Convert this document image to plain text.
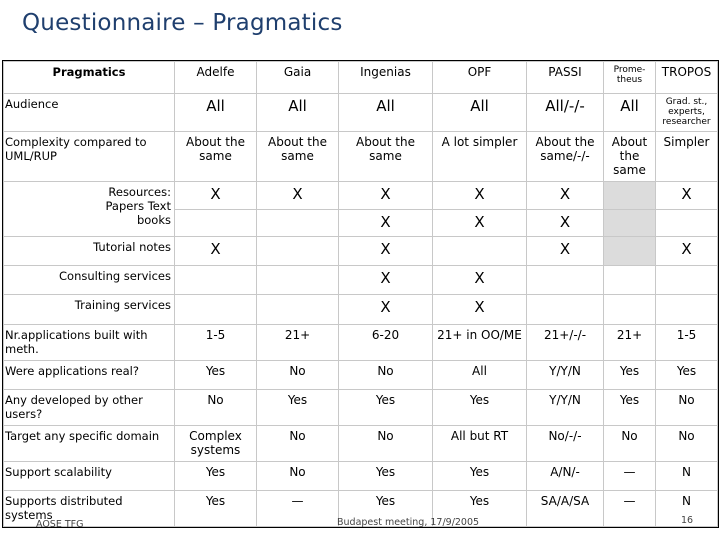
Questionnaire – Pragmatics
Pragmatics	Adelfe	Gaia	Ingenias	OPF	PASSI	Prome-theus	TROPOS
Audience	All	All	All	All	All/-/-	All	Grad. st., experts, researcher
Complexity compared to UML/RUP	About the same	About the same	About the same	A lot simpler	About the same/-/-	About the same	Simpler
Resources: Papers Text books	X	X	X	X	X		X
			X	X	X		
Tutorial notes	X		X		X		X
Consulting services			X	X			
Training services			X	X			
Nr.applications built with meth.	1-5	21+	6-20	21+ in OO/ME	21+/-/-	21+	1-5
Were applications real?	Yes	No	No	All	Y/Y/N	Yes	Yes
Any developed by other users?	No	Yes	Yes	Yes	Y/Y/N	Yes	No
Target any specific domain	Complex systems	No	No	All but RT	No/-/-	No	No
Support scalability	Yes	No	Yes	Yes	A/N/-	—	N
Supports distributed systems	Yes	—	Yes	Yes	SA/A/SA	—	N
AOSE TFG	Budapest meeting, 17/9/2005	16
